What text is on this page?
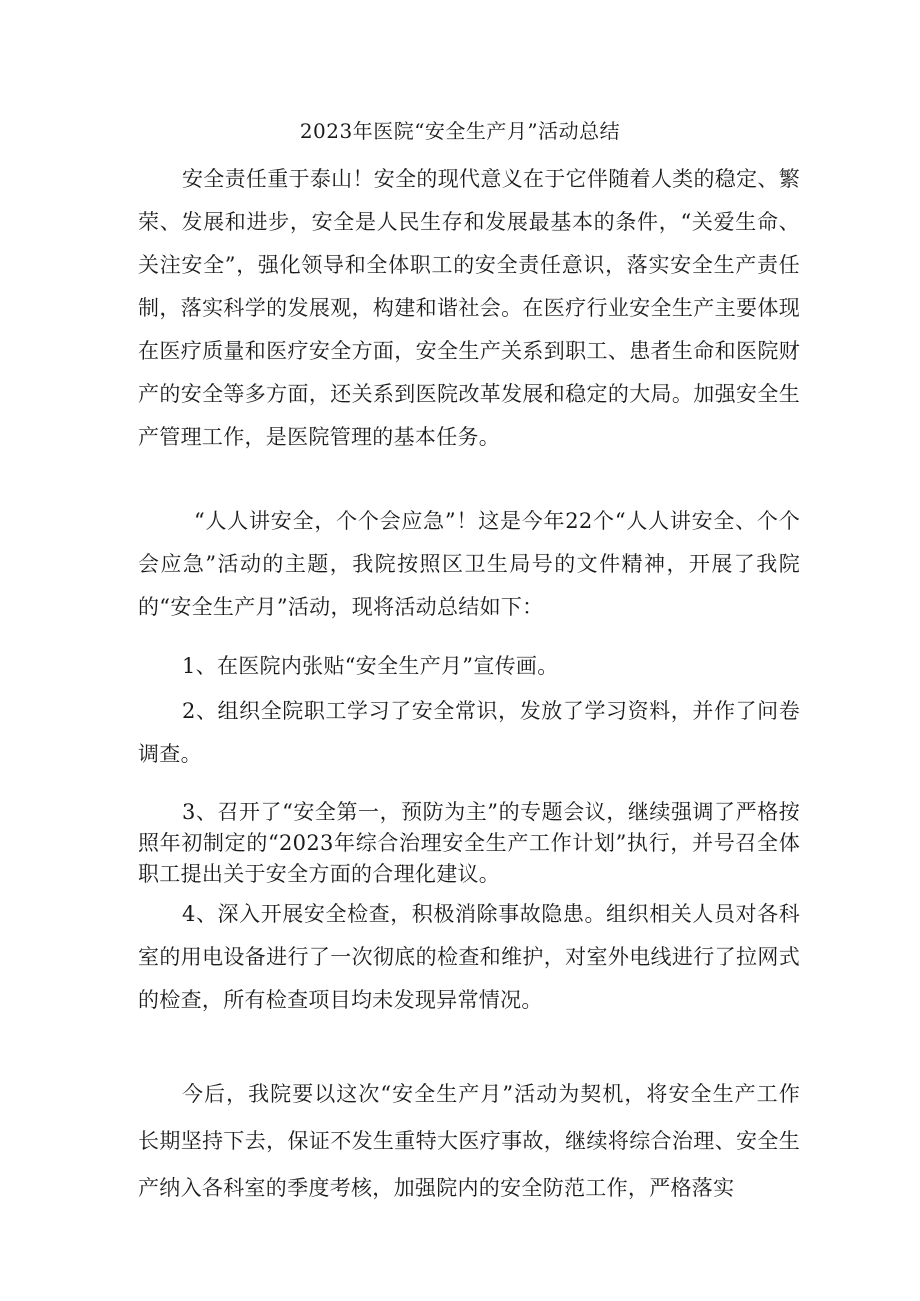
2023年医院“安全生产月”活动总结
安全责任重于泰山！安全的现代意义在于它伴随着人类的稳定、繁荣、发展和进步，安全是人民生存和发展最基本的条件，“关爱生命、关注安全”，强化领导和全体职工的安全责任意识，落实安全生产责任制，落实科学的发展观，构建和谐社会。在医疗行业安全生产主要体现在医疗质量和医疗安全方面，安全生产关系到职工、患者生命和医院财产的安全等多方面，还关系到医院改革发展和稳定的大局。加强安全生产管理工作，是医院管理的基本任务。
“人人讲安全，个个会应急”！这是今年22个“人人讲安全、个个会应急”活动的主题，我院按照区卫生局号的文件精神，开展了我院的“安全生产月”活动，现将活动总结如下：
1、在医院内张贴“安全生产月”宣传画。
2、组织全院职工学习了安全常识，发放了学习资料，并作了问卷调查。
3、召开了“安全第一，预防为主”的专题会议，继续强调了严格按照年初制定的“2023年综合治理安全生产工作计划”执行，并号召全体职工提出关于安全方面的合理化建议。
4、深入开展安全检查，积极消除事故隐患。组织相关人员对各科室的用电设备进行了一次彻底的检查和维护，对室外电线进行了拉网式的检查，所有检查项目均未发现异常情况。
今后，我院要以这次“安全生产月”活动为契机，将安全生产工作长期坚持下去，保证不发生重特大医疗事故，继续将综合治理、安全生产纳入各科室的季度考核，加强院内的安全防范工作，严格落实
